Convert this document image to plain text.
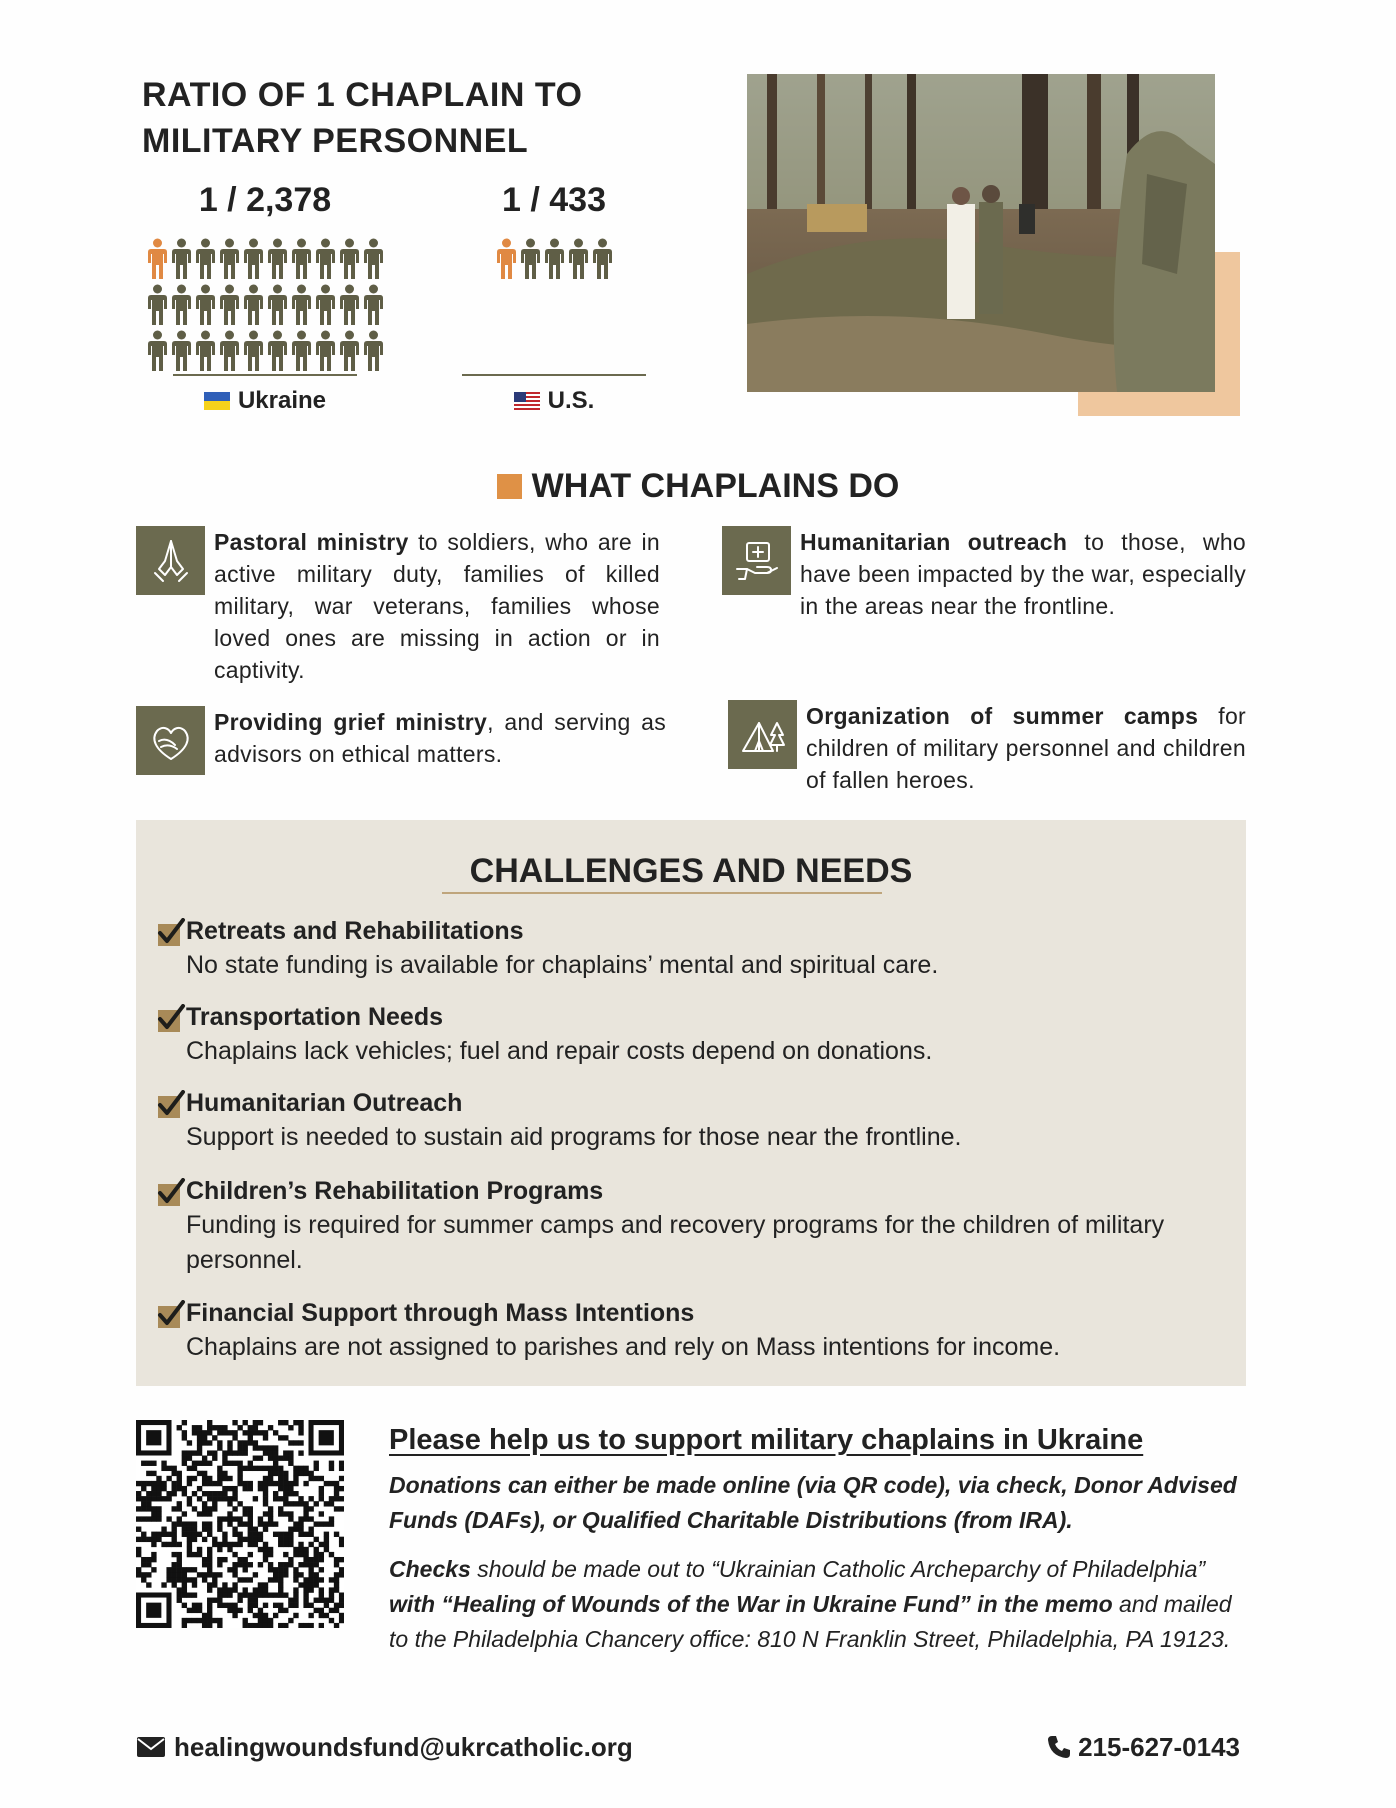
RATIO OF 1 CHAPLAIN TO MILITARY PERSONNEL
1 / 2,378
Ukraine
1 / 433
U.S.
WHAT CHAPLAINS DO
Pastoral ministry to soldiers, who are in active military duty, families of killed military, war veterans, families whose loved ones are missing in action or in captivity.
Humanitarian outreach to those, who have been impacted by the war, especially in the areas near the frontline.
Providing grief ministry, and serving as advisors on ethical matters.
Organization of summer camps for children of military personnel and children of fallen heroes.
CHALLENGES AND NEEDS
Retreats and Rehabilitations
No state funding is available for chaplains’ mental and spiritual care.
Transportation Needs
Chaplains lack vehicles; fuel and repair costs depend on donations.
Humanitarian Outreach
Support is needed to sustain aid programs for those near the frontline.
Children’s Rehabilitation Programs
Funding is required for summer camps and recovery programs for the children of military personnel.
Financial Support through Mass Intentions
Chaplains are not assigned to parishes and rely on Mass intentions for income.
Please help us to support military chaplains in Ukraine
Donations can either be made online (via QR code), via check, Donor Advised Funds (DAFs), or Qualified Charitable Distributions (from IRA).
Checks should be made out to “Ukrainian Catholic Archeparchy of Philadelphia” with “Healing of Wounds of the War in Ukraine Fund” in the memo and mailed to the Philadelphia Chancery office: 810 N Franklin Street, Philadelphia, PA 19123.
healingwoundsfund@ukrcatholic.org	215-627-0143
